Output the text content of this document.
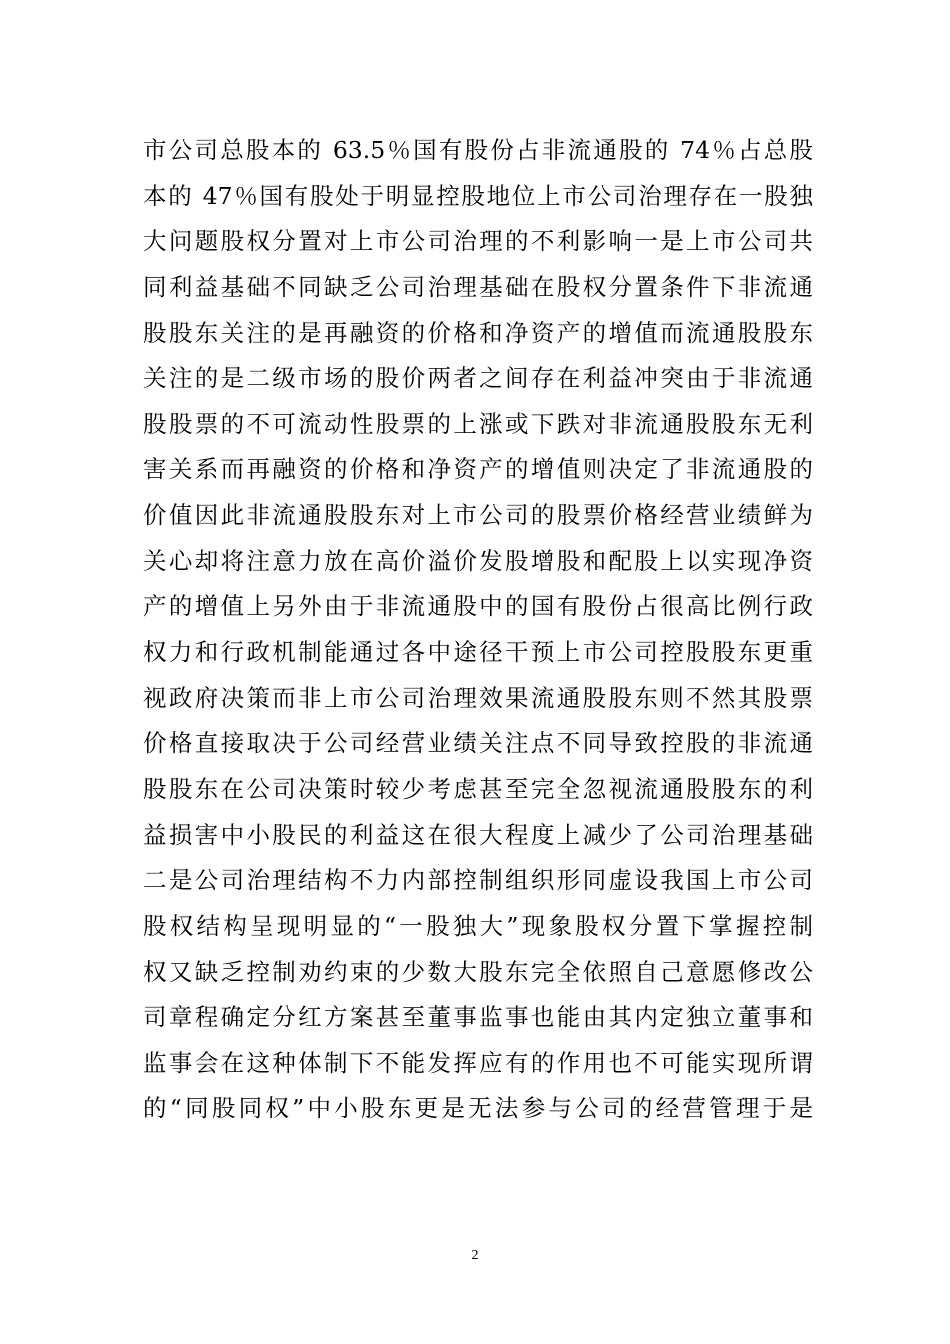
市公司总股本的 63.5％国有股份占非流通股的 74％占总股
本的 47％国有股处于明显控股地位上市公司治理存在一股独
大问题股权分置对上市公司治理的不利影响一是上市公司共
同利益基础不同缺乏公司治理基础在股权分置条件下非流通
股股东关注的是再融资的价格和净资产的增值而流通股股东
关注的是二级市场的股价两者之间存在利益冲突由于非流通
股股票的不可流动性股票的上涨或下跌对非流通股股东无利
害关系而再融资的价格和净资产的增值则决定了非流通股的
价值因此非流通股股东对上市公司的股票价格经营业绩鲜为
关心却将注意力放在高价溢价发股增股和配股上以实现净资
产的增值上另外由于非流通股中的国有股份占很高比例行政
权力和行政机制能通过各中途径干预上市公司控股股东更重
视政府决策而非上市公司治理效果流通股股东则不然其股票
价格直接取决于公司经营业绩关注点不同导致控股的非流通
股股东在公司决策时较少考虑甚至完全忽视流通股股东的利
益损害中小股民的利益这在很大程度上减少了公司治理基础
二是公司治理结构不力内部控制组织形同虚设我国上市公司
股权结构呈现明显的“一股独大”现象股权分置下掌握控制
权又缺乏控制劝约束的少数大股东完全依照自己意愿修改公
司章程确定分红方案甚至董事监事也能由其内定独立董事和
监事会在这种体制下不能发挥应有的作用也不可能实现所谓
的“同股同权”中小股东更是无法参与公司的经营管理于是
2
